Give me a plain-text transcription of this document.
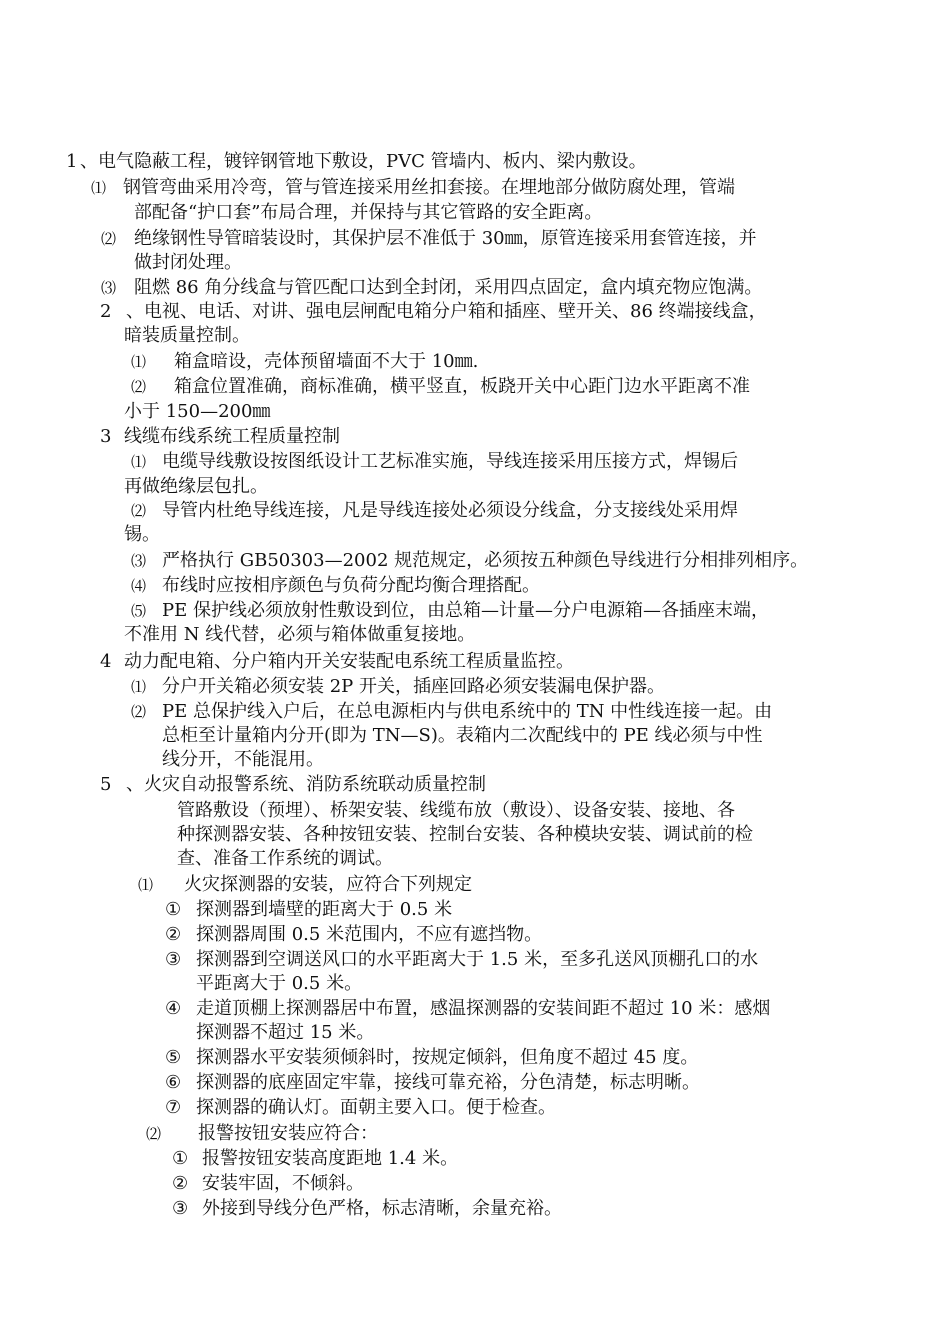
1 、电气隐蔽工程，镀锌钢管地下敷设，PVC 管墙内、板内、梁内敷设。
⑴ 钢管弯曲采用冷弯，管与管连接采用丝扣套接。在埋地部分做防腐处理，管端
部配备“护口套”布局合理，并保持与其它管路的安全距离。
⑵ 绝缘钢性导管暗装设时，其保护层不准低于 30㎜，原管连接采用套管连接，并
做封闭处理。
⑶ 阻燃 86 角分线盒与管匹配口达到全封闭，采用四点固定，盒内填充物应饱满。
2 、电视、电话、对讲、强电层闸配电箱分户箱和插座、壁开关、86 终端接线盒，
暗装质量控制。
⑴ 箱盒暗设，壳体预留墙面不大于 10㎜.
⑵ 箱盒位置准确，商标准确，横平竖直，板跷开关中心距门边水平距离不准
小于 150—200㎜
3 线缆布线系统工程质量控制
⑴ 电缆导线敷设按图纸设计工艺标准实施，导线连接采用压接方式，焊锡后
再做绝缘层包扎。
⑵ 导管内杜绝导线连接，凡是导线连接处必须设分线盒，分支接线处采用焊
锡。
⑶ 严格执行 GB50303—2002 规范规定，必须按五种颜色导线进行分相排列相序。
⑷ 布线时应按相序颜色与负荷分配均衡合理搭配。
⑸ PE 保护线必须放射性敷设到位，由总箱—计量—分户电源箱—各插座末端，
不准用 N 线代替，必须与箱体做重复接地。
4 动力配电箱、分户箱内开关安装配电系统工程质量监控。
⑴ 分户开关箱必须安装 2P 开关，插座回路必须安装漏电保护器。
⑵ PE 总保护线入户后，在总电源柜内与供电系统中的 TN 中性线连接一起。由
总柜至计量箱内分开(即为 TN—S)。表箱内二次配线中的 PE 线必须与中性
线分开，不能混用。
5 、火灾自动报警系统、消防系统联动质量控制
管路敷设（预埋）、桥架安装、线缆布放（敷设）、设备安装、接地、各
种探测器安装、各种按钮安装、控制台安装、各种模块安装、调试前的检
查、准备工作系统的调试。
⑴ 火灾探测器的安装，应符合下列规定
① 探测器到墙壁的距离大于 0.5 米
② 探测器周围 0.5 米范围内，不应有遮挡物。
③ 探测器到空调送风口的水平距离大于 1.5 米，至多孔送风顶棚孔口的水
平距离大于 0.5 米。
④ 走道顶棚上探测器居中布置，感温探测器的安装间距不超过 10 米：感烟
探测器不超过 15 米。
⑤ 探测器水平安装须倾斜时，按规定倾斜，但角度不超过 45 度。
⑥ 探测器的底座固定牢靠，接线可靠充裕，分色清楚，标志明晰。
⑦ 探测器的确认灯。面朝主要入口。便于检查。
⑵ 报警按钮安装应符合：
① 报警按钮安装高度距地 1.4 米。
② 安装牢固，不倾斜。
③ 外接到导线分色严格，标志清晰，余量充裕。
